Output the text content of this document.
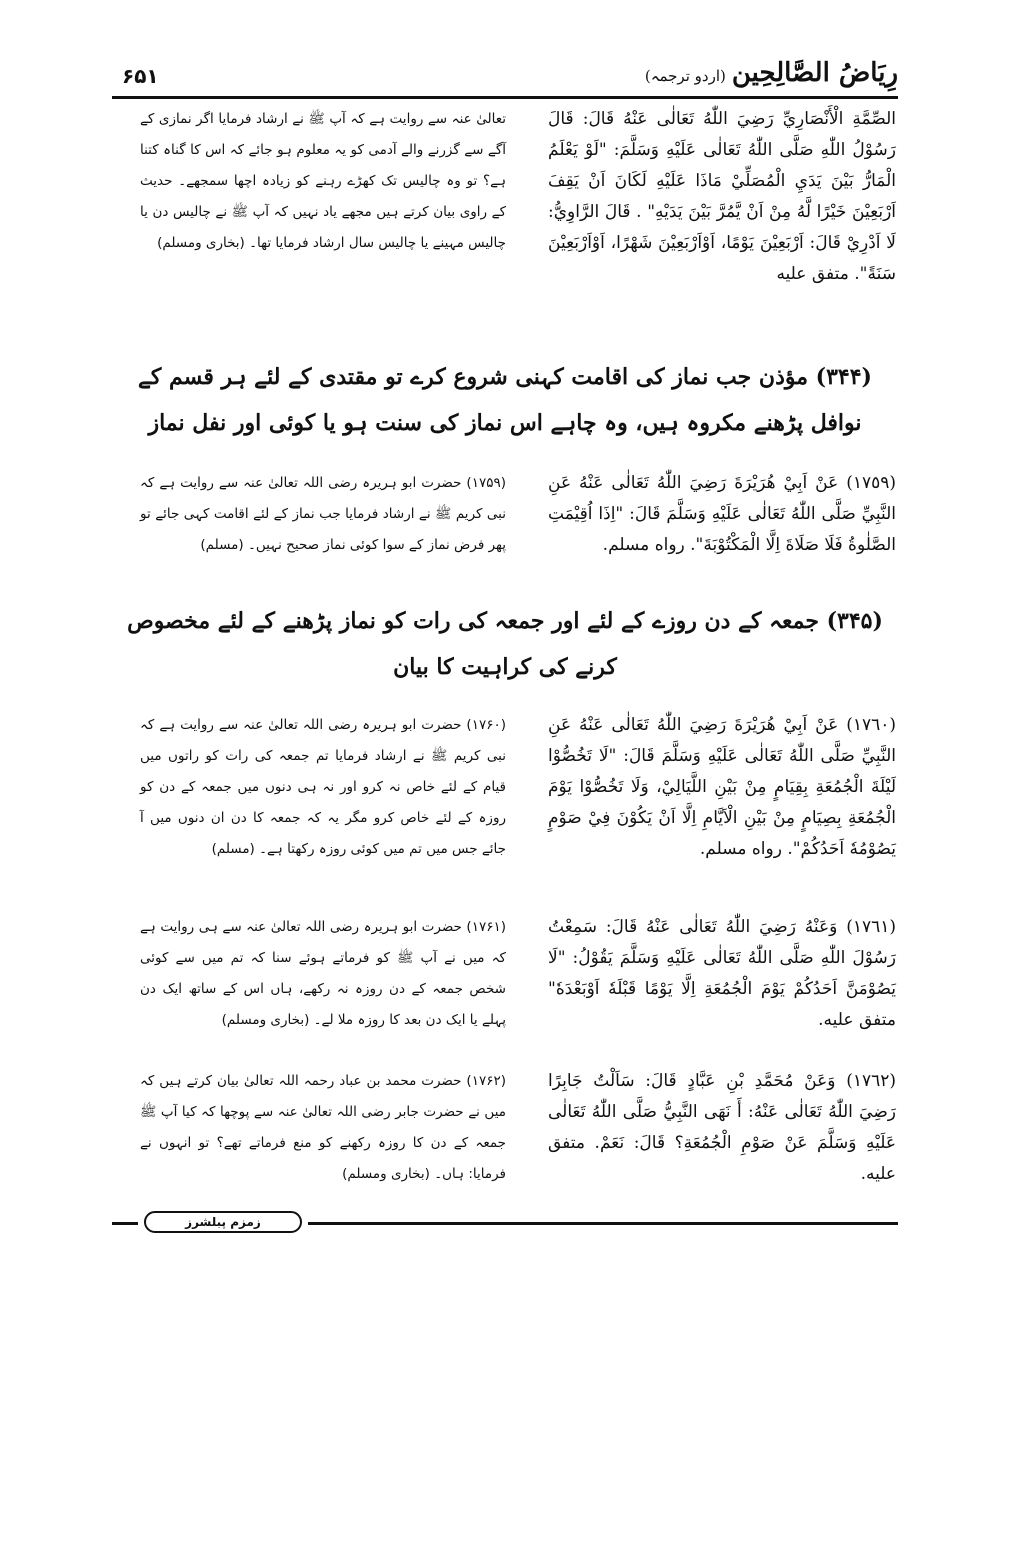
رِيَاضُ الصَّالِحِين(اردو ترجمہ)
۶۵۱

الصِّمَّةِ الْأَنْصَارِيِّ رَضِيَ اللّٰهُ تَعَالٰى عَنْهُ قَالَ: قَالَ رَسُوْلُ اللّٰهِ صَلَّى اللّٰهُ تَعَالٰى عَلَيْهِ وَسَلَّمَ: "لَوْ يَعْلَمُ الْمَارُّ بَيْنَ يَدَيِ الْمُصَلِّيْ مَاذَا عَلَيْهِ لَكَانَ اَنْ يَقِفَ اَرْبَعِيْنَ خَيْرًا لَّهُ مِنْ اَنْ يَّمُرَّ بَيْنَ يَدَيْهِ" . قَالَ الرَّاوِيُّ: لَا اَدْرِيْ قَالَ: اَرْبَعِيْنَ يَوْمًا، اَوْاَرْبَعِيْنَ شَهْرًا، اَوْاَرْبَعِيْنَ سَنَةً". متفق عليه

تعالیٰ عنہ سے روایت ہے کہ آپ ﷺ نے ارشاد فرمایا اگر نمازی کے آگے سے گزرنے والے آدمی کو یہ معلوم ہو جائے کہ اس کا گناہ کتنا ہے؟ تو وہ چالیس تک کھڑے رہنے کو زیادہ اچھا سمجھے۔ حدیث کے راوی بیان کرتے ہیں مجھے یاد نہیں کہ آپ ﷺ نے چالیس دن یا چالیس مہینے یا چالیس سال ارشاد فرمایا تھا۔ (بخاری ومسلم)

(۳۴۴) مؤذن جب نماز کی اقامت کہنی شروع کرے تو مقتدی کے لئے ہر قسم کے نوافل پڑھنے مکروہ ہیں، وہ چاہے اس نماز کی سنت ہو یا کوئی اور نفل نماز

(١٧٥٩) عَنْ اَبِيْ هُرَيْرَةَ رَضِيَ اللّٰهُ تَعَالٰى عَنْهُ عَنِ النَّبِيِّ صَلَّى اللّٰهُ تَعَالٰى عَلَيْهِ وَسَلَّمَ قَالَ: "اِذَا اُقِيْمَتِ الصَّلٰوةُ فَلَا صَلَاةَ اِلَّا الْمَكْتُوْبَةَ". رواه مسلم.

(۱۷۵۹) حضرت ابو ہریرہ رضی اللہ تعالیٰ عنہ سے روایت ہے کہ نبی کریم ﷺ نے ارشاد فرمایا جب نماز کے لئے اقامت کہی جائے تو پھر فرض نماز کے سوا کوئی نماز صحیح نہیں۔ (مسلم)

(۳۴۵) جمعہ کے دن روزے کے لئے اور جمعہ کی رات کو نماز پڑھنے کے لئے مخصوص کرنے کی کراہیت کا بیان

(١٧٦٠) عَنْ اَبِيْ هُرَيْرَةَ رَضِيَ اللّٰهُ تَعَالٰى عَنْهُ عَنِ النَّبِيِّ صَلَّى اللّٰهُ تَعَالٰى عَلَيْهِ وَسَلَّمَ قَالَ: "لَا تَخُصُّوْا لَيْلَةَ الْجُمُعَةِ بِقِيَامٍ مِنْ بَيْنِ اللَّيَالِيْ، وَلَا تَخُصُّوْا يَوْمَ الْجُمُعَةِ بِصِيَامٍ مِنْ بَيْنِ الْاَيَّامِ اِلَّا اَنْ يَكُوْنَ فِيْ صَوْمٍ يَصُوْمُهٗ اَحَدُكُمْ". رواه مسلم.

(۱۷۶۰) حضرت ابو ہریرہ رضی اللہ تعالیٰ عنہ سے روایت ہے کہ نبی کریم ﷺ نے ارشاد فرمایا تم جمعہ کی رات کو راتوں میں قیام کے لئے خاص نہ کرو اور نہ ہی دنوں میں جمعہ کے دن کو روزہ کے لئے خاص کرو مگر یہ کہ جمعہ کا دن ان دنوں میں آ جائے جس میں تم میں کوئی روزہ رکھتا ہے۔ (مسلم)

(١٧٦١) وَعَنْهُ رَضِيَ اللّٰهُ تَعَالٰى عَنْهُ قَالَ: سَمِعْتُ رَسُوْلَ اللّٰهِ صَلَّى اللّٰهُ تَعَالٰى عَلَيْهِ وَسَلَّمَ يَقُوْلُ: "لَا يَصُوْمَنَّ اَحَدُكُمْ يَوْمَ الْجُمُعَةِ اِلَّا يَوْمًا قَبْلَهٗ اَوْبَعْدَهٗ" متفق عليه.

(۱۷۶۱) حضرت ابو ہریرہ رضی اللہ تعالیٰ عنہ سے ہی روایت ہے کہ میں نے آپ ﷺ کو فرماتے ہوئے سنا کہ تم میں سے کوئی شخص جمعہ کے دن روزہ نہ رکھے، ہاں اس کے ساتھ ایک دن پہلے یا ایک دن بعد کا روزہ ملا لے۔ (بخاری ومسلم)

(١٧٦٢) وَعَنْ مُحَمَّدِ بْنِ عَبَّادٍ قَالَ: سَاَلْتُ جَابِرًا رَضِيَ اللّٰهُ تَعَالٰى عَنْهُ: أَ نَهَى النَّبِيُّ صَلَّى اللّٰهُ تَعَالٰى عَلَيْهِ وَسَلَّمَ عَنْ صَوْمِ الْجُمُعَةِ؟ قَالَ: نَعَمْ. متفق عليه.

(۱۷۶۲) حضرت محمد بن عباد رحمہ اللہ تعالیٰ بیان کرتے ہیں کہ میں نے حضرت جابر رضی اللہ تعالیٰ عنہ سے پوچھا کہ کیا آپ ﷺ جمعہ کے دن کا روزہ رکھنے کو منع فرماتے تھے؟ تو انہوں نے فرمایا: ہاں۔ (بخاری ومسلم)

زمزم پبلشرز
